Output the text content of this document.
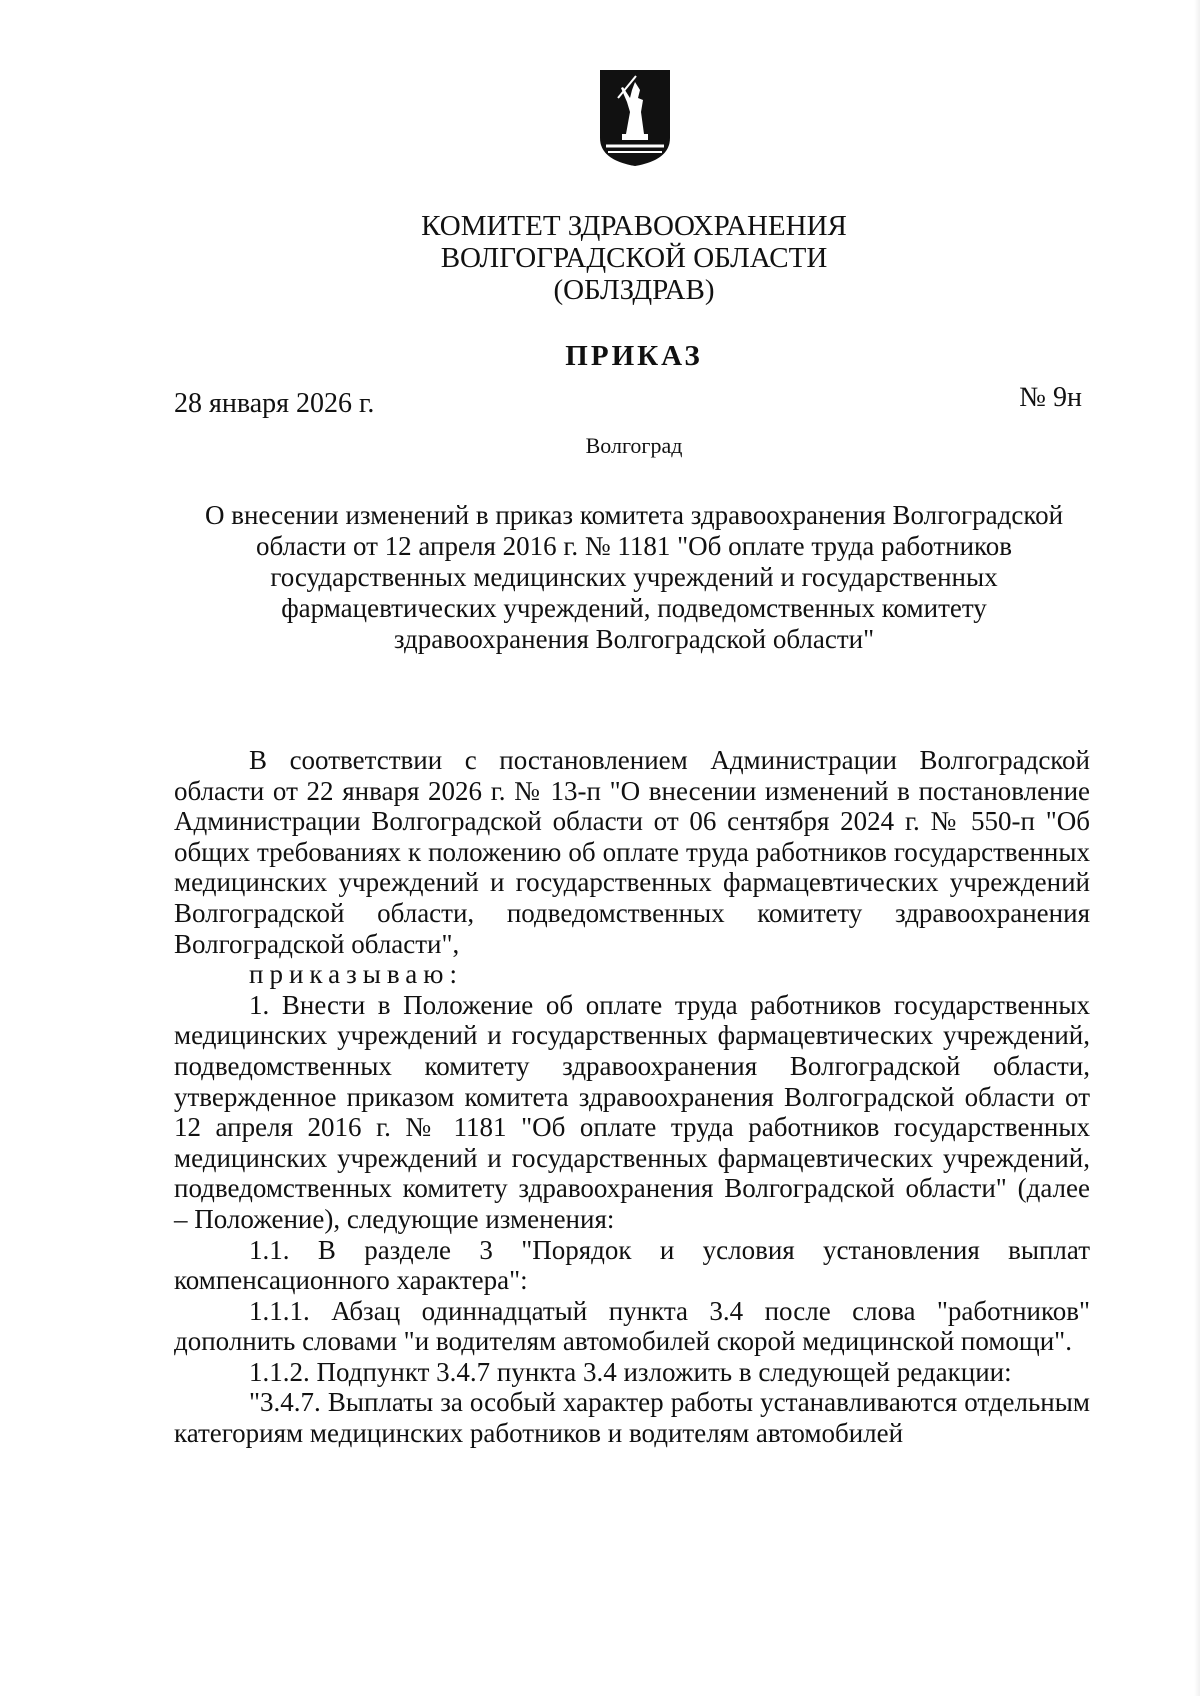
КОМИТЕТ ЗДРАВООХРАНЕНИЯ
ВОЛГОГРАДСКОЙ ОБЛАСТИ
(ОБЛЗДРАВ)
ПРИКАЗ
28 января 2026 г.	№ 9н
Волгоград
О внесении изменений в приказ комитета здравоохранения Волгоградской
области от 12 апреля 2016 г. № 1181 "Об оплате труда работников
государственных медицинских учреждений и государственных
фармацевтических учреждений, подведомственных комитету
здравоохранения Волгоградской области"

В соответствии с постановлением Администрации Волгоградской области от 22 января 2026 г. № 13-п "О внесении изменений в постановление Администрации Волгоградской области от 06 сентября 2024 г. № 550-п "Об общих требованиях к положению об оплате труда работников государственных медицинских учреждений и государственных фармацевтических учреждений Волгоградской области, подведомственных комитету здравоохранения Волгоградской области",

приказываю:

1. Внести в Положение об оплате труда работников государственных медицинских учреждений и государственных фармацевтических учреждений, подведомственных комитету здравоохранения Волгоградской области, утвержденное приказом комитета здравоохранения Волгоградской области от 12 апреля 2016 г. № 1181 "Об оплате труда работников государственных медицинских учреждений и государственных фармацевтических учреждений, подведомственных комитету здравоохранения Волгоградской области" (далее – Положение), следующие изменения:

1.1. В разделе 3 "Порядок и условия установления выплат компенсационного характера":

1.1.1. Абзац одиннадцатый пункта 3.4 после слова "работников" дополнить словами "и водителям автомобилей скорой медицинской помощи".

1.1.2. Подпункт 3.4.7 пункта 3.4 изложить в следующей редакции:

"3.4.7. Выплаты за особый характер работы устанавливаются отдельным категориям медицинских работников и водителям автомобилей
